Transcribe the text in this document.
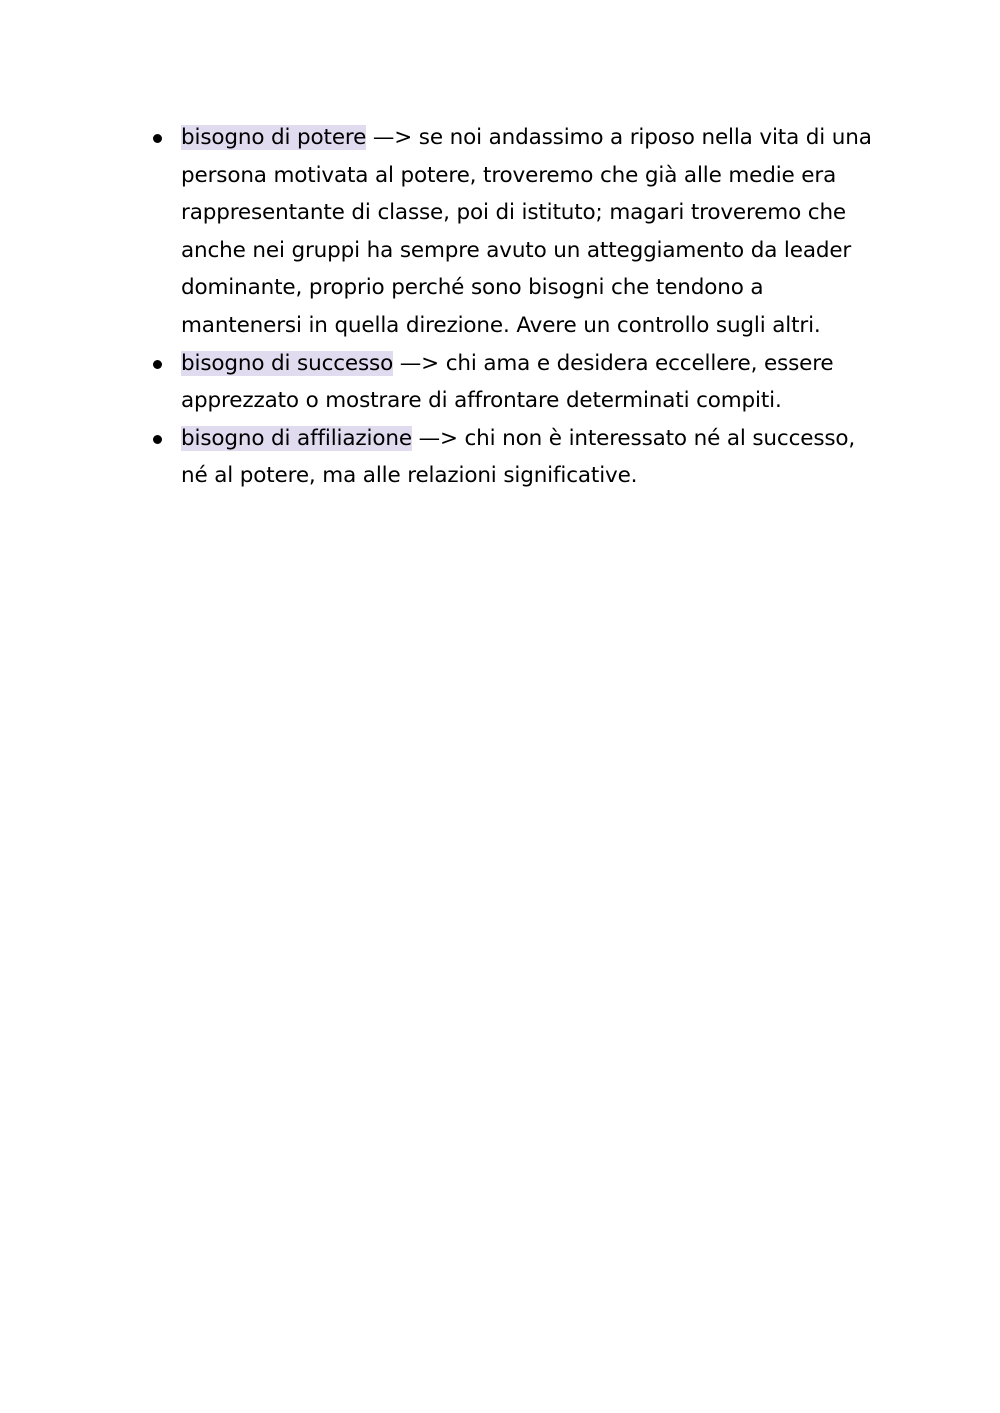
bisogno di potere —> se noi andassimo a riposo nella vita di una persona motivata al potere, troveremo che già alle medie era rappresentante di classe, poi di istituto; magari troveremo che anche nei gruppi ha sempre avuto un atteggiamento da leader dominante, proprio perché sono bisogni che tendono a mantenersi in quella direzione. Avere un controllo sugli altri.
bisogno di successo —> chi ama e desidera eccellere, essere apprezzato o mostrare di affrontare determinati compiti.
bisogno di affiliazione —> chi non è interessato né al successo, né al potere, ma alle relazioni significative.
